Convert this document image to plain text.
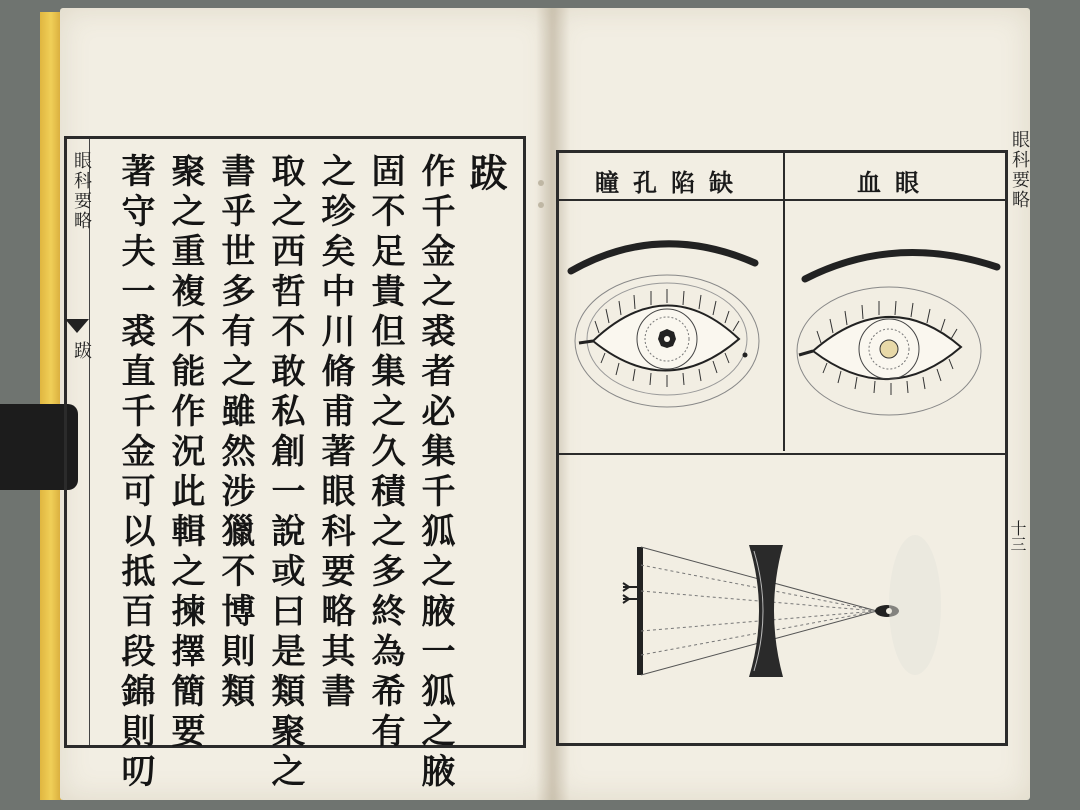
眼科要略
跋
跋
作千金之裘者必集千狐之腋一狐之腋
固不足貴但集之久積之多終為希有
之珍矣中川脩甫著眼科要略其書
取之西哲不敢私創一說或曰是類聚之
書乎世多有之雖然涉獵不博則類
聚之重複不能作況此輯之揀擇簡要
著守夫一裘直千金可以抵百段錦則叨	瞳孔陷缺	血眼	眼科要略
十三
